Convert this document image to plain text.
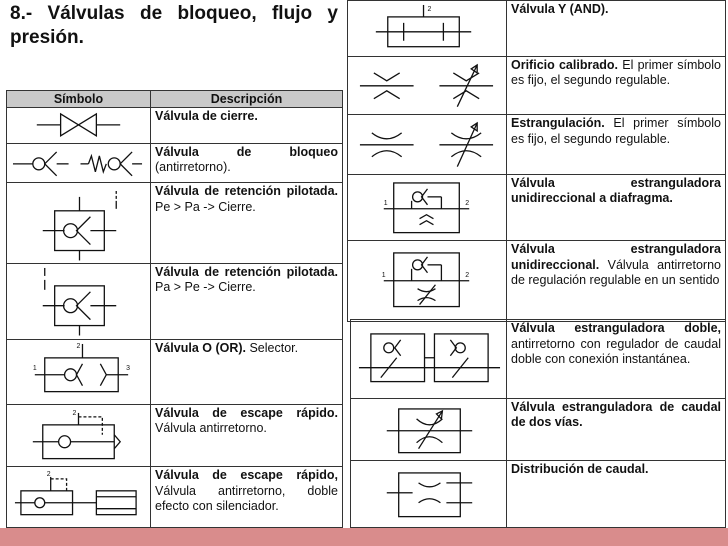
8.- Válvulas de bloqueo, flujo y presión.
Símbolo	Descripción

	Válvula de cierre.

	Válvula de bloqueo (antirretorno).

	Válvula de retención pilotada. Pe > Pa -> Cierre.

	Válvula de retención pilotada. Pa > Pe -> Cierre.

2
1 3	Válvula O (OR). Selector.

2	Válvula de escape rápido. Válvula antirretorno.

2	Válvula de escape rápido, Válvula antirretorno, doble efecto con silenciador.
2	Válvula Y (AND).

	Orificio calibrado. El primer símbolo es fijo, el segundo regulable.

	Estrangulación. El primer símbolo es fijo, el segundo regulable.

1 2	Válvula estranguladora unidireccional a diafragma.

1 2	Válvula estranguladora unidireccional. Válvula antirretorno de regulación regulable en un sentido
	Válvula estranguladora doble, antirretorno con regulador de caudal doble con conexión instantánea.

	Válvula estranguladora de caudal de dos vías.

	Distribución de caudal.
